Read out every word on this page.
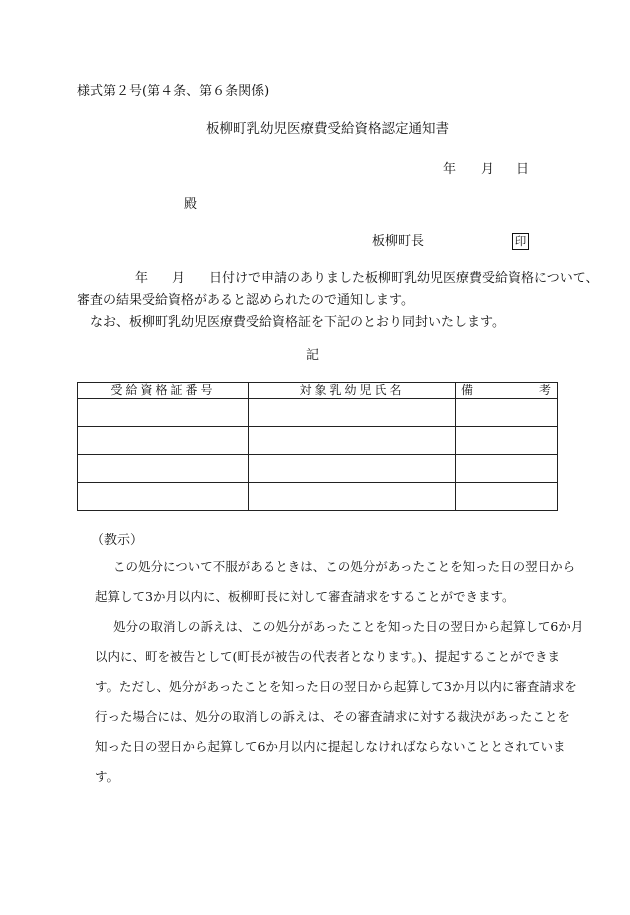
様式第２号(第４条、第６条関係)
板柳町乳幼児医療費受給資格認定通知書
年 月 日
殿
板柳町長	印
年 月 日付けで申請のありました板柳町乳幼児医療費受給資格について、
審査の結果受給資格があると認められたので通知します。
　なお、板柳町乳幼児医療費受給資格証を下記のとおり同封いたします。
記
受給資格証番号	対象乳幼児氏名	備 考

（教示）
この処分について不服があるときは、この処分があったことを知った日の翌日から
起算して3か月以内に、板柳町長に対して審査請求をすることができます。
処分の取消しの訴えは、この処分があったことを知った日の翌日から起算して6か月
以内に、町を被告として(町長が被告の代表者となります。)、提起することができま
す。ただし、処分があったことを知った日の翌日から起算して3か月以内に審査請求を
行った場合には、処分の取消しの訴えは、その審査請求に対する裁決があったことを
知った日の翌日から起算して6か月以内に提起しなければならないこととされていま
す。
